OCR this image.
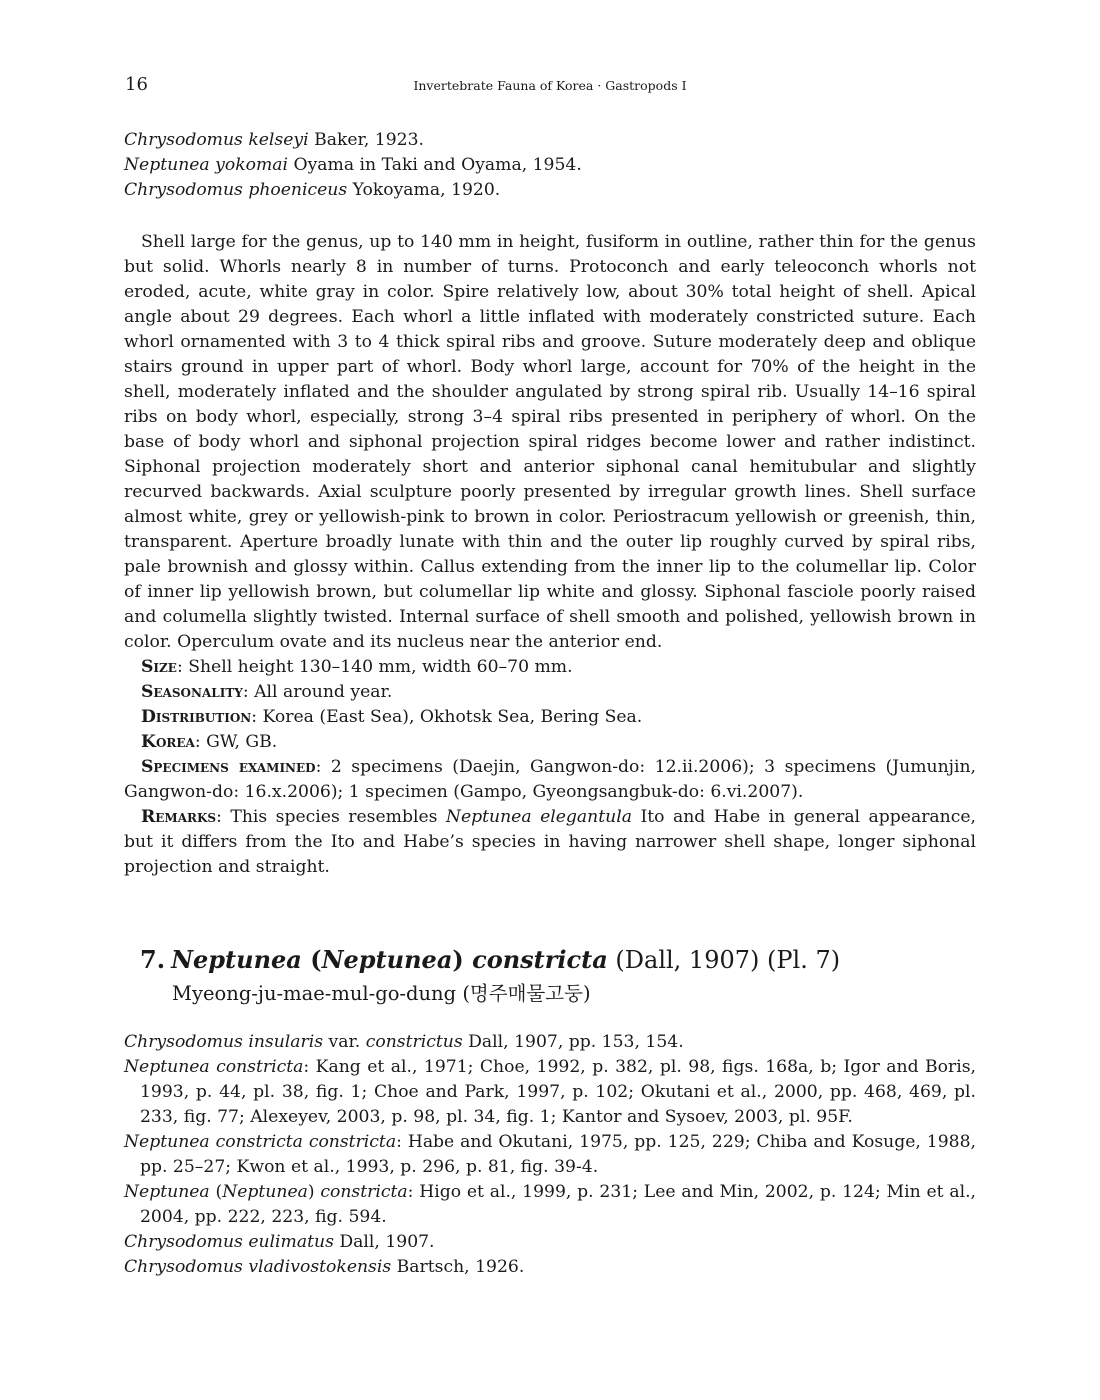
16	Invertebrate Fauna of Korea · Gastropods I

Chrysodomus kelseyi Baker, 1923.

Neptunea yokomai Oyama in Taki and Oyama, 1954.

Chrysodomus phoeniceus Yokoyama, 1920.

Shell large for the genus, up to 140 mm in height, fusiform in outline, rather thin for the genus but solid. Whorls nearly 8 in number of turns. Protoconch and early teleoconch whorls not eroded, acute, white gray in color. Spire relatively low, about 30% total height of shell. Apical angle about 29 degrees. Each whorl a little inflated with moderately constricted suture. Each whorl ornamented with 3 to 4 thick spiral ribs and groove. Suture moderately deep and oblique stairs ground in upper part of whorl. Body whorl large, account for 70% of the height in the shell, moderately inflated and the shoulder angulated by strong spiral rib. Usually 14–16 spiral ribs on body whorl, especially, strong 3–4 spiral ribs presented in periphery of whorl. On the base of body whorl and siphonal projection spiral ridges become lower and rather indistinct. Siphonal projection moderately short and anterior siphonal canal hemitubular and slightly recurved backwards. Axial sculpture poorly presented by irregular growth lines. Shell surface almost white, grey or yellowish-pink to brown in color. Periostracum yellowish or greenish, thin, transparent. Aperture broadly lunate with thin and the outer lip roughly curved by spiral ribs, pale brownish and glossy within. Callus extending from the inner lip to the columellar lip. Color of inner lip yellowish brown, but columellar lip white and glossy. Siphonal fasciole poorly raised and columella slightly twisted. Internal surface of shell smooth and polished, yellowish brown in color. Operculum ovate and its nucleus near the anterior end.

Size: Shell height 130–140 mm, width 60–70 mm.

Seasonality: All around year.

Distribution: Korea (East Sea), Okhotsk Sea, Bering Sea.

Korea: GW, GB.

Specimens examined: 2 specimens (Daejin, Gangwon-do: 12.ii.2006); 3 specimens (Jumunjin, Gangwon-do: 16.x.2006); 1 specimen (Gampo, Gyeongsangbuk-do: 6.vi.2007).

Remarks: This species resembles Neptunea elegantula Ito and Habe in general appearance, but it differs from the Ito and Habe’s species in having narrower shell shape, longer siphonal projection and straight.

7. Neptunea (Neptunea) constricta (Dall, 1907) (Pl. 7)
Myeong-ju-mae-mul-go-dung (명주매물고둥)

Chrysodomus insularis var. constrictus Dall, 1907, pp. 153, 154.

Neptunea constricta: Kang et al., 1971; Choe, 1992, p. 382, pl. 98, figs. 168a, b; Igor and Boris, 1993, p. 44, pl. 38, fig. 1; Choe and Park, 1997, p. 102; Okutani et al., 2000, pp. 468, 469, pl. 233, fig. 77; Alexeyev, 2003, p. 98, pl. 34, fig. 1; Kantor and Sysoev, 2003, pl. 95F.

Neptunea constricta constricta: Habe and Okutani, 1975, pp. 125, 229; Chiba and Kosuge, 1988, pp. 25–27; Kwon et al., 1993, p. 296, p. 81, fig. 39-4.

Neptunea (Neptunea) constricta: Higo et al., 1999, p. 231; Lee and Min, 2002, p. 124; Min et al., 2004, pp. 222, 223, fig. 594.

Chrysodomus eulimatus Dall, 1907.

Chrysodomus vladivostokensis Bartsch, 1926.
